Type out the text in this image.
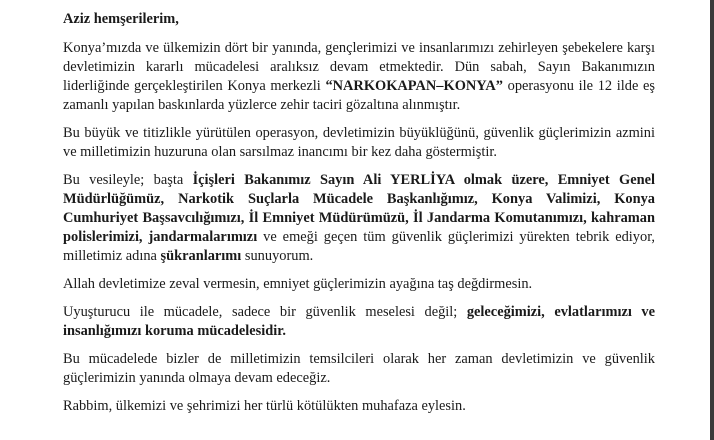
Aziz hemşerilerim,

Konya’mızda ve ülkemizin dört bir yanında, gençlerimizi ve insanlarımızı zehirleyen şebekelere karşı devletimizin kararlı mücadelesi aralıksız devam etmektedir. Dün sabah, Sayın Bakanımızın liderliğinde gerçekleştirilen Konya merkezli “NARKOKAPAN–KONYA” operasyonu ile 12 ilde eş zamanlı yapılan baskınlarda yüzlerce zehir taciri gözaltına alınmıştır.

Bu büyük ve titizlikle yürütülen operasyon, devletimizin büyüklüğünü, güvenlik güçlerimizin azmini ve milletimizin huzuruna olan sarsılmaz inancımı bir kez daha göstermiştir.

Bu vesileyle; başta İçişleri Bakanımız Sayın Ali YERLİYA olmak üzere, Emniyet Genel Müdürlüğümüz, Narkotik Suçlarla Mücadele Başkanlığımız, Konya Valimizi, Konya Cumhuriyet Başsavcılığımızı, İl Emniyet Müdürümüzü, İl Jandarma Komutanımızı, kahraman polislerimizi, jandarmalarımızı ve emeği geçen tüm güvenlik güçlerimizi yürekten tebrik ediyor, milletimiz adına şükranlarımı sunuyorum.

Allah devletimize zeval vermesin, emniyet güçlerimizin ayağına taş değdirmesin.

Uyuşturucu ile mücadele, sadece bir güvenlik meselesi değil; geleceğimizi, evlatlarımızı ve insanlığımızı koruma mücadelesidir.

Bu mücadelede bizler de milletimizin temsilcileri olarak her zaman devletimizin ve güvenlik güçlerimizin yanında olmaya devam edeceğiz.

Rabbim, ülkemizi ve şehrimizi her türlü kötülükten muhafaza eylesin.
